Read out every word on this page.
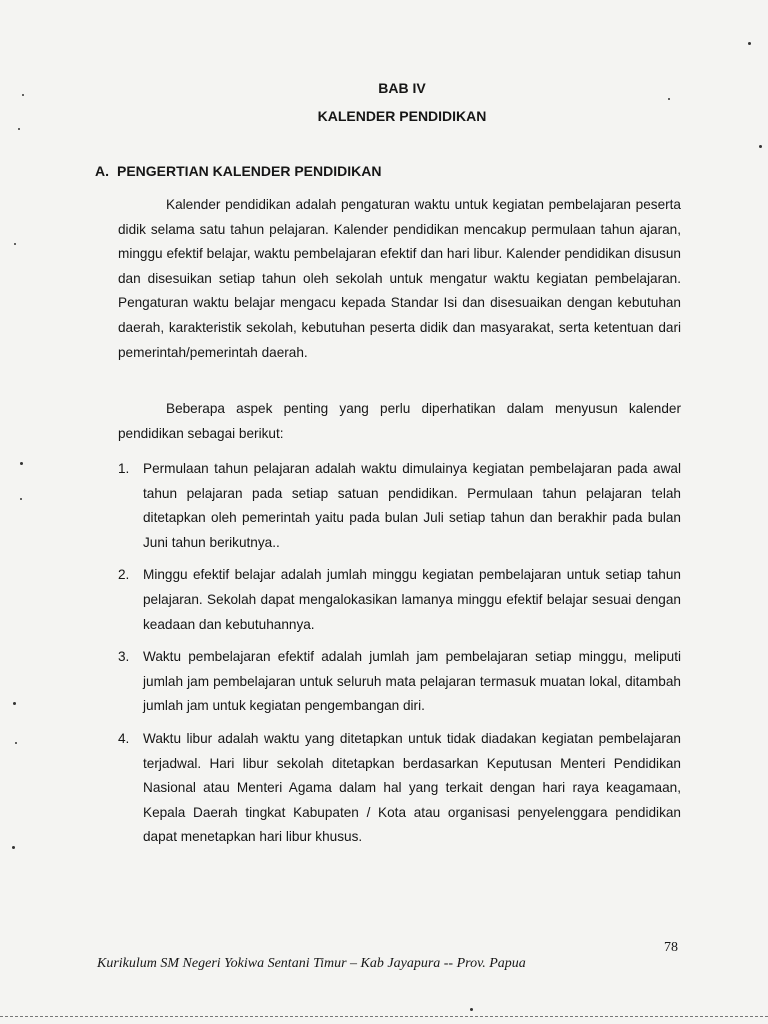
BAB IV
KALENDER PENDIDIKAN
A. PENGERTIAN KALENDER PENDIDIKAN

Kalender pendidikan adalah pengaturan waktu untuk kegiatan pembelajaran peserta didik selama satu tahun pelajaran. Kalender pendidikan mencakup permulaan tahun ajaran, minggu efektif belajar, waktu pembelajaran efektif dan hari libur. Kalender pendidikan disusun dan disesuikan setiap tahun oleh sekolah untuk mengatur waktu kegiatan pembelajaran. Pengaturan waktu belajar mengacu kepada Standar Isi dan disesuaikan dengan kebutuhan daerah, karakteristik sekolah, kebutuhan peserta didik dan masyarakat, serta ketentuan dari pemerintah/pemerintah daerah.

Beberapa aspek penting yang perlu diperhatikan dalam menyusun kalender pendidikan sebagai berikut:

1.	Permulaan tahun pelajaran adalah waktu dimulainya kegiatan pembelajaran pada awal tahun pelajaran pada setiap satuan pendidikan. Permulaan tahun pelajaran telah ditetapkan oleh pemerintah yaitu pada bulan Juli setiap tahun dan berakhir pada bulan Juni tahun berikutnya..
2.	Minggu efektif belajar adalah jumlah minggu kegiatan pembelajaran untuk setiap tahun pelajaran. Sekolah dapat mengalokasikan lamanya minggu efektif belajar sesuai dengan keadaan dan kebutuhannya.
3.	Waktu pembelajaran efektif adalah jumlah jam pembelajaran setiap minggu, meliputi jumlah jam pembelajaran untuk seluruh mata pelajaran termasuk muatan lokal, ditambah jumlah jam untuk kegiatan pengembangan diri.
4.	Waktu libur adalah waktu yang ditetapkan untuk tidak diadakan kegiatan pembelajaran terjadwal. Hari libur sekolah ditetapkan berdasarkan Keputusan Menteri Pendidikan Nasional atau Menteri Agama dalam hal yang terkait dengan hari raya keagamaan, Kepala Daerah tingkat Kabupaten / Kota atau organisasi penyelenggara pendidikan dapat menetapkan hari libur khusus.
78
Kurikulum SM Negeri Yokiwa Sentani Timur – Kab Jayapura -- Prov. Papua
